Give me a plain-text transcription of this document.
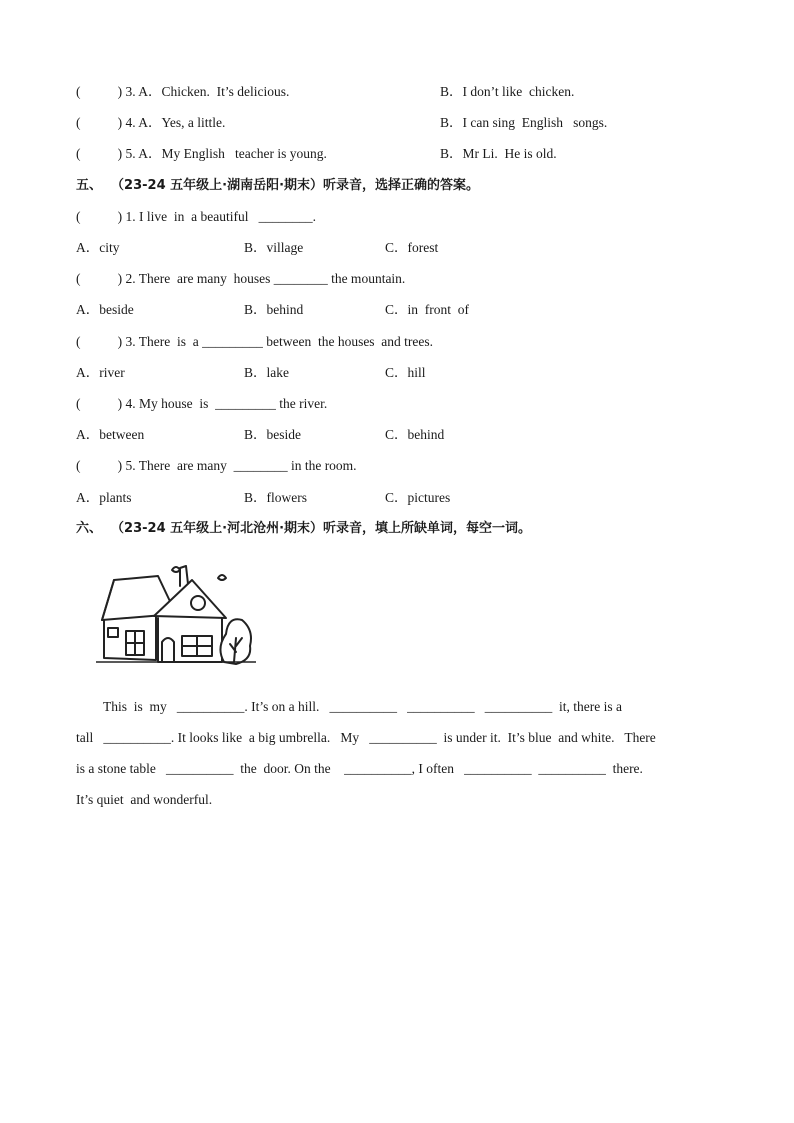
(           ) 3. A．Chicken.  It’s delicious.	B．I don’t like  chicken.
(           ) 4. A．Yes, a little.	B．I can sing  English   songs.
(           ) 5. A．My English   teacher is young.	B．Mr Li.  He is old.
五、  （23-24 五年级上·湖南岳阳·期末）听录音，选择正确的答案。
(           ) 1. I live  in  a beautiful   ________.
A．city	B．village	C．forest
(           ) 2. There  are many  houses ________ the mountain.
A．beside	B．behind	C．in  front  of
(           ) 3. There  is  a _________ between  the houses  and trees.
A．river	B．lake	C．hill
(           ) 4. My house  is  _________ the river.
A．between	B．beside	C．behind
(           ) 5. There  are many  ________ in the room.
A．plants	B．flowers	C．pictures
六、  （23-24 五年级上·河北沧州·期末）听录音，填上所缺单词，每空一词。
This  is  my   __________. It’s on a hill.   __________   __________   __________  it, there is a
tall   __________. It looks like  a big umbrella.   My   __________  is under it.  It’s blue  and white.   There
is a stone table   __________  the  door. On the    __________, I often   __________  __________  there.
It’s quiet  and wonderful.
